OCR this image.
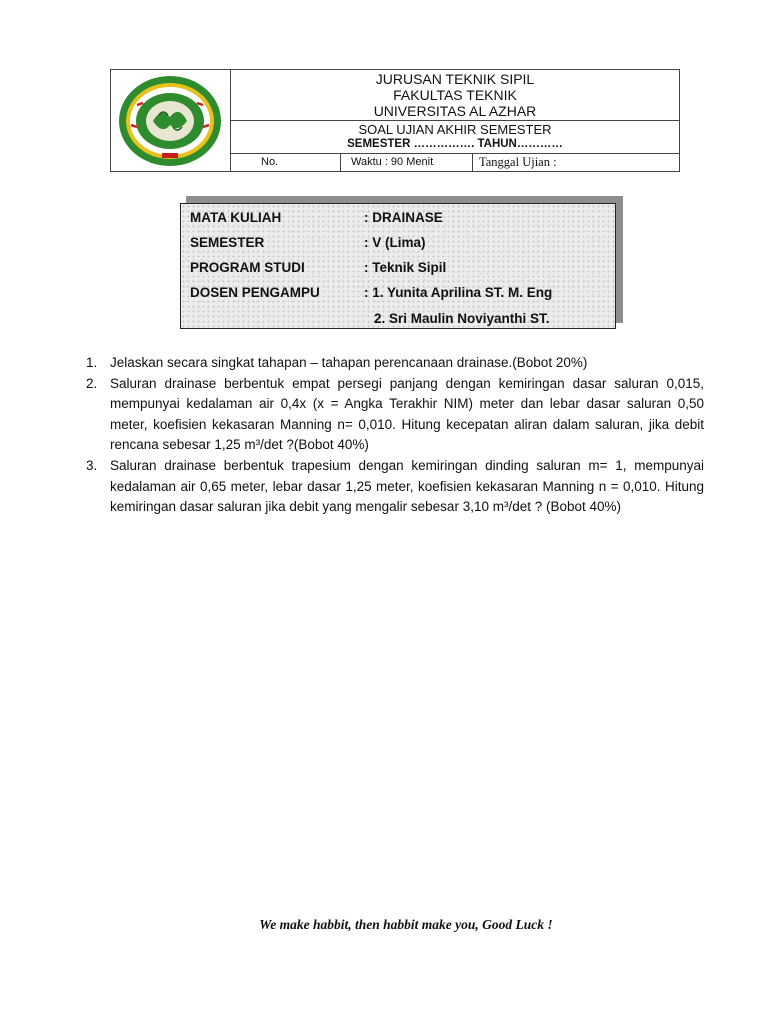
JURUSAN TEKNIK SIPIL
FAKULTAS TEKNIK
UNIVERSITAS AL AZHAR
SOAL UJIAN AKHIR SEMESTER
SEMESTER ……………. TAHUN…………
No.	Waktu : 90 Menit	Tanggal Ujian :
MATA KULIAH	: DRAINASE
SEMESTER	: V (Lima)
PROGRAM STUDI	: Teknik Sipil
DOSEN PENGAMPU	: 1. Yunita Aprilina ST. M. Eng
2. Sri Maulin Noviyanthi ST.
1. Jelaskan secara singkat tahapan – tahapan perencanaan drainase.(Bobot 20%)
2. Saluran drainase berbentuk empat persegi panjang dengan kemiringan dasar saluran 0,015, mempunyai kedalaman air 0,4x (x = Angka Terakhir NIM) meter dan lebar dasar saluran 0,50 meter, koefisien kekasaran Manning n= 0,010. Hitung kecepatan aliran dalam saluran, jika debit rencana sebesar 1,25 m³/det ?(Bobot 40%)
3. Saluran drainase berbentuk trapesium dengan kemiringan dinding saluran m= 1, mempunyai kedalaman air 0,65 meter, lebar dasar 1,25 meter, koefisien kekasaran Manning n = 0,010. Hitung kemiringan dasar saluran jika debit yang mengalir sebesar 3,10 m³/det ? (Bobot 40%)
We make habbit, then habbit make you, Good Luck !
